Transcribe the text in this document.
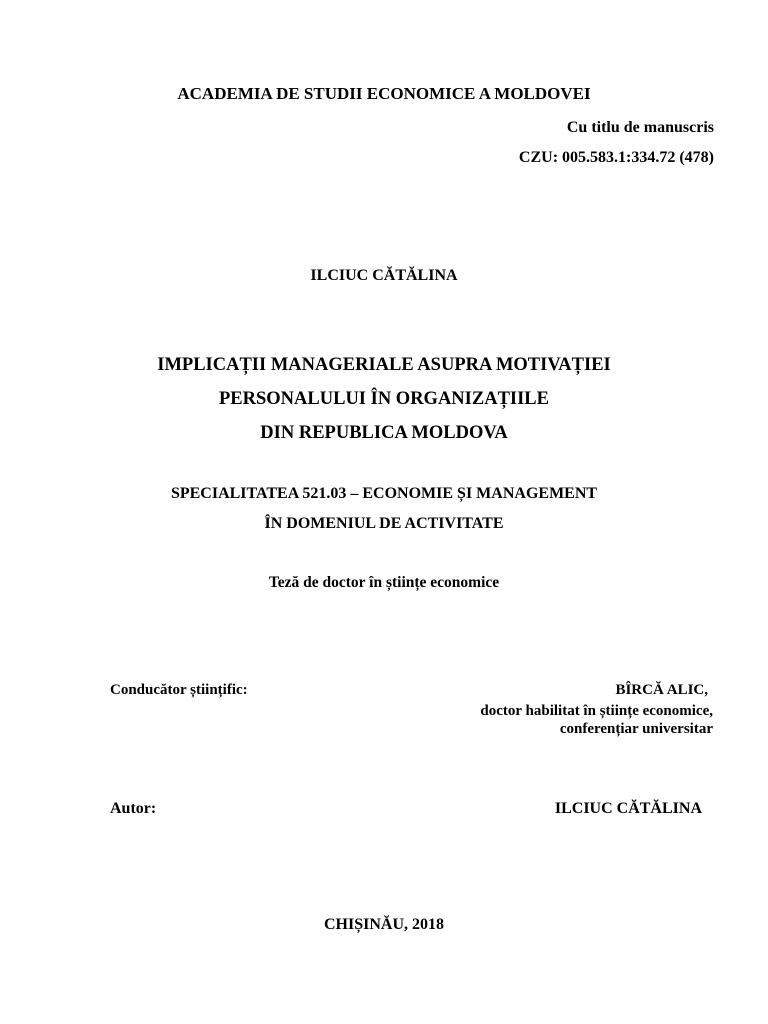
ACADEMIA DE STUDII ECONOMICE A MOLDOVEI
Cu titlu de manuscris
CZU: 005.583.1:334.72 (478)
ILCIUC CĂTĂLINA
IMPLICAȚII MANAGERIALE ASUPRA MOTIVAȚIEI
PERSONALULUI ÎN ORGANIZAȚIILE
DIN REPUBLICA MOLDOVA
SPECIALITATEA 521.03 – ECONOMIE ȘI MANAGEMENT
ÎN DOMENIUL DE ACTIVITATE
Teză de doctor în științe economice
Conducător științific:	BÎRCĂ ALIC,
doctor habilitat în științe economice,
conferențiar universitar
Autor:	ILCIUC CĂTĂLINA
CHIȘINĂU, 2018
